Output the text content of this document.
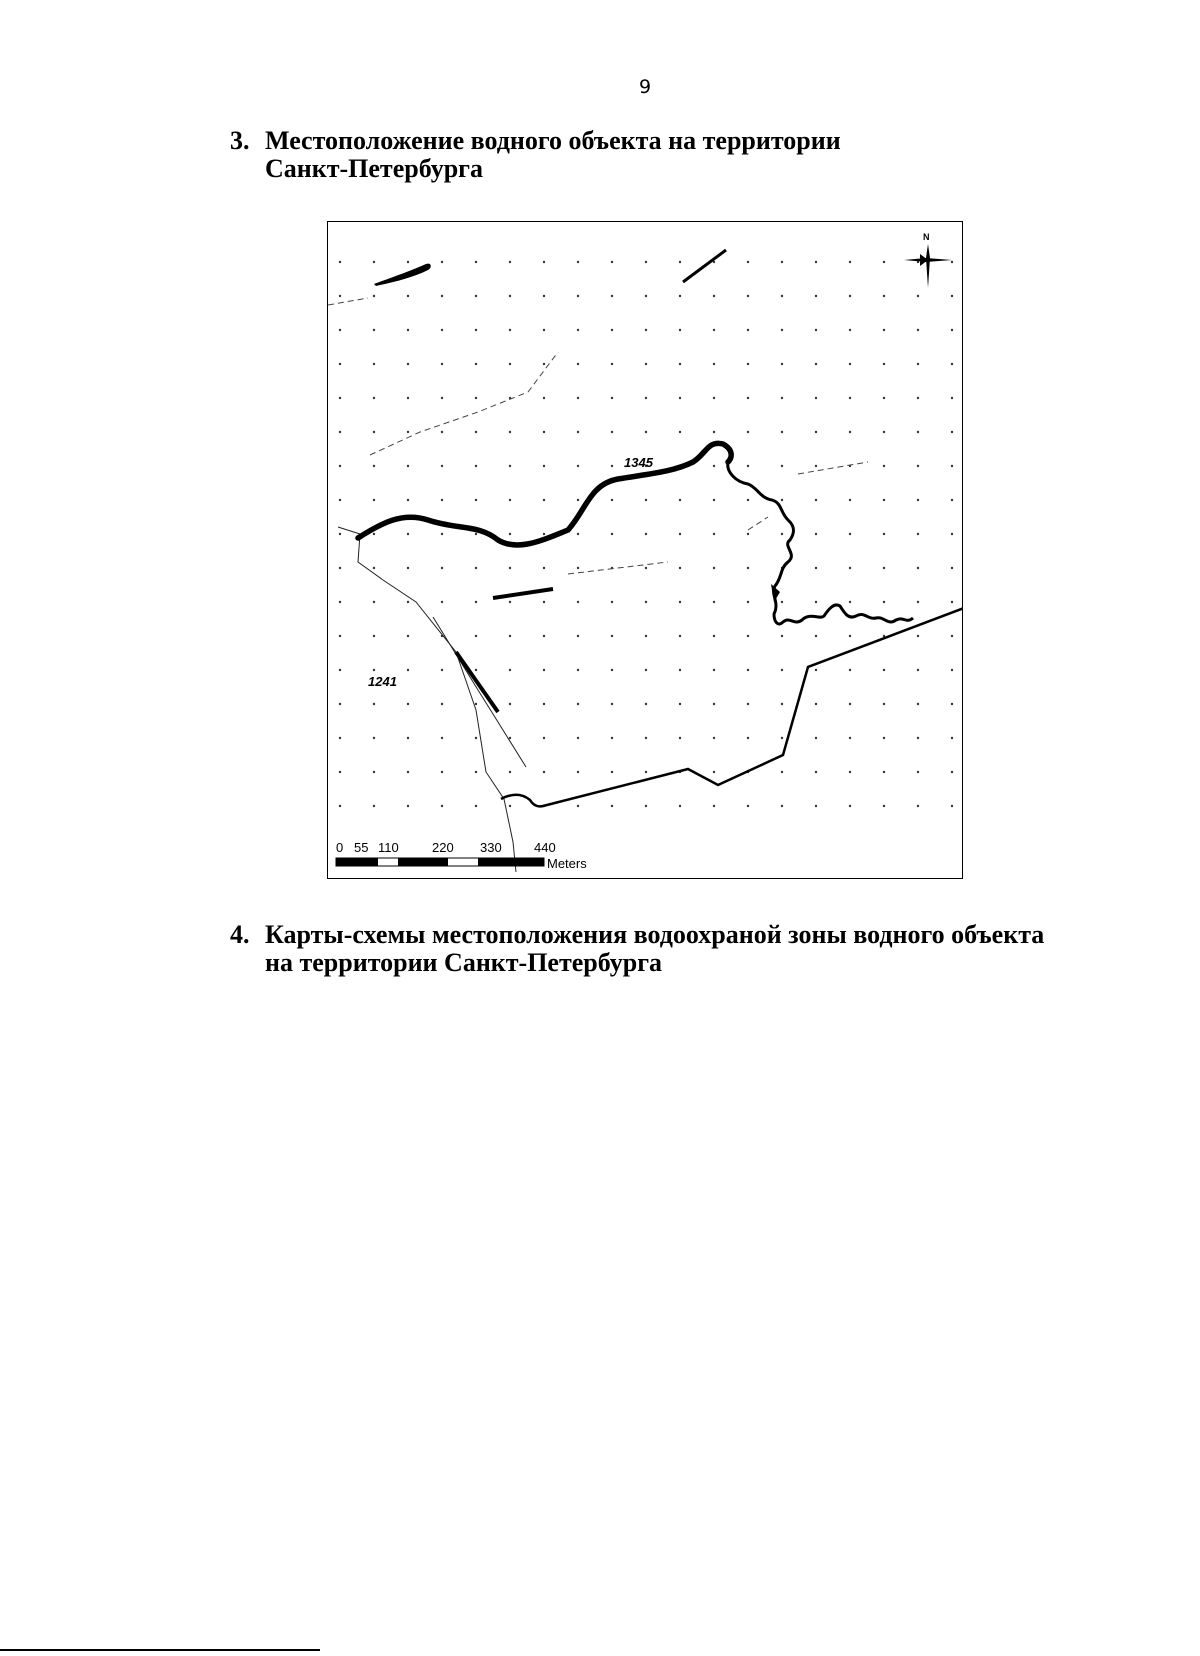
9
3. Местоположение водного объекта на территории
Санкт-Петербурга
1345
1241
N
0 55 110	220 330 440
Meters
4. Карты-схемы местоположения водоохраной зоны водного объекта
на территории Санкт-Петербурга
